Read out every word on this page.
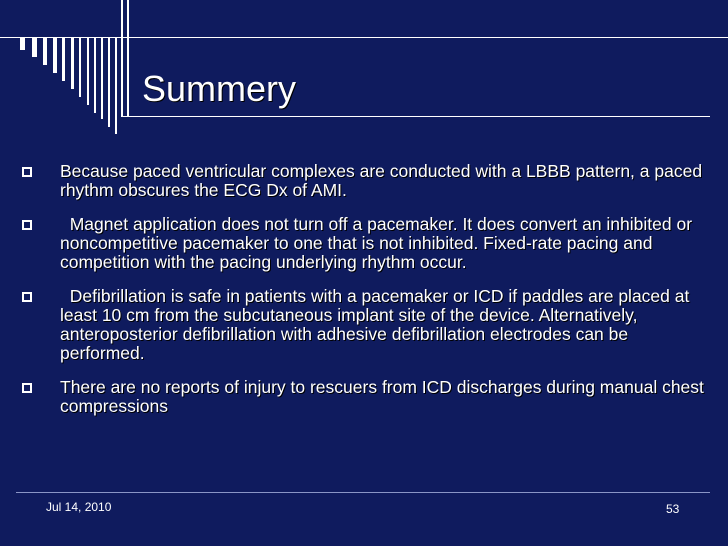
Summery
Because paced ventricular complexes are conducted with a LBBB pattern, a paced rhythm obscures the ECG Dx of AMI.
Magnet application does not turn off a pacemaker. It does convert an inhibited or noncompetitive pacemaker to one that is not inhibited. Fixed-rate pacing and competition with the pacing underlying rhythm occur.
Defibrillation is safe in patients with a pacemaker or ICD if paddles are placed at least 10 cm from the subcutaneous implant site of the device. Alternatively, anteroposterior defibrillation with adhesive defibrillation electrodes can be performed.
There are no reports of injury to rescuers from ICD discharges during manual chest compressions
Jul 14, 2010	53
